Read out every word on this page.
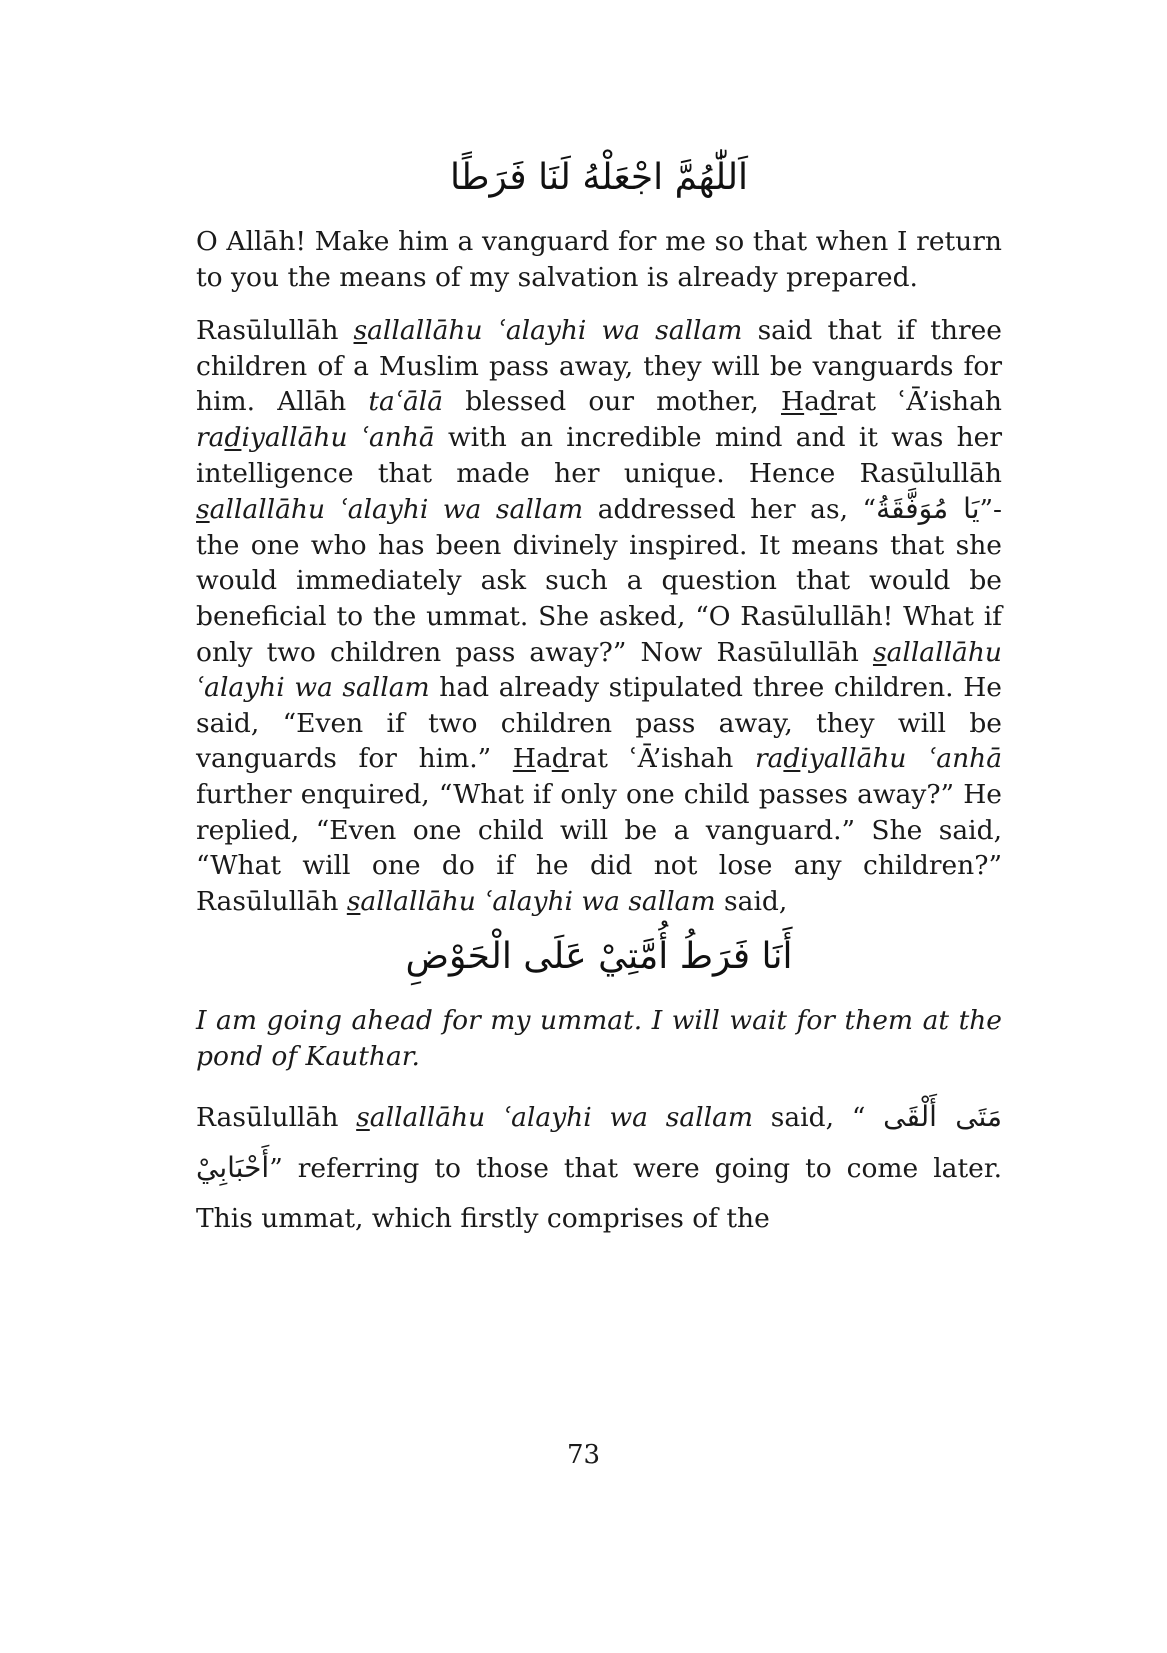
اَللّٰهُمَّ اجْعَلْهُ لَنَا فَرَطًا

O Allāh! Make him a vanguard for me so that when I return to you the means of my salvation is already prepared.

Rasūlullāh sallallāhu ʿalayhi wa sallam said that if three children of a Muslim pass away, they will be vanguards for him. Allāh taʿālā blessed our mother, Hadrat ʿĀ’ishah radiyallāhu ʿanhā with an incredible mind and it was her intelligence that made her unique. Hence Rasūlullāh sallallāhu ʿalayhi wa sallam addressed her as, “يَا مُوَفَّقَةُ”- the one who has been divinely inspired. It means that she would immediately ask such a question that would be beneficial to the ummat. She asked, “O Rasūlullāh! What if only two children pass away?” Now Rasūlullāh sallallāhu ʿalayhi wa sallam had already stipulated three children. He said, “Even if two children pass away, they will be vanguards for him.” Hadrat ʿĀ’ishah radiyallāhu ʿanhā further enquired, “What if only one child passes away?” He replied, “Even one child will be a vanguard.” She said, “What will one do if he did not lose any children?” Rasūlullāh sallallāhu ʿalayhi wa sallam said,

أَنَا فَرَطُ أُمَّتِيْ عَلَى الْحَوْضِ

I am going ahead for my ummat. I will wait for them at the pond of Kauthar.

Rasūlullāh sallallāhu ʿalayhi wa sallam said, “ مَتَى أَلْقَى أَحْبَابِيْ” referring to those that were going to come later. This ummat, which firstly comprises of the

73
